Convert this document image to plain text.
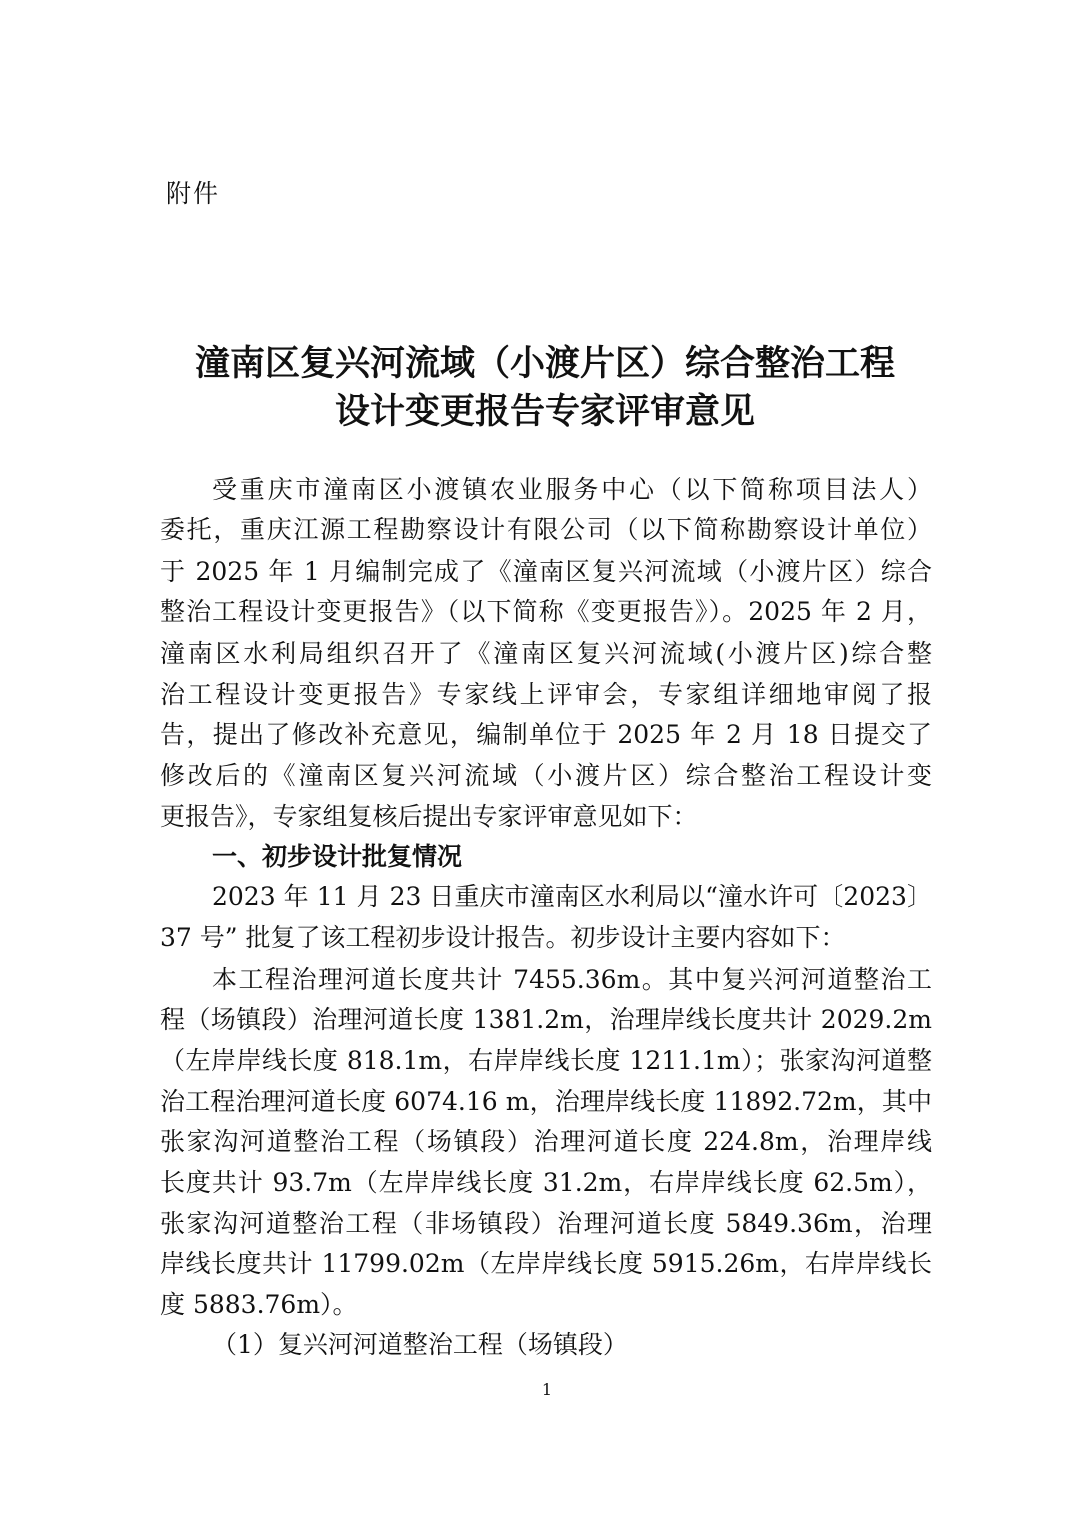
附件
潼南区复兴河流域（小渡片区）综合整治工程
设计变更报告专家评审意见
受重庆市潼南区小渡镇农业服务中心（以下简称项目法人）
委托，重庆江源工程勘察设计有限公司（以下简称勘察设计单位）
于 2025 年 1 月编制完成了《潼南区复兴河流域（小渡片区）综合
整治工程设计变更报告》（以下简称《变更报告》）。2025 年 2 月，
潼南区水利局组织召开了《潼南区复兴河流域(小渡片区)综合整
治工程设计变更报告》专家线上评审会，专家组详细地审阅了报
告，提出了修改补充意见，编制单位于 2025 年 2 月 18 日提交了
修改后的《潼南区复兴河流域（小渡片区）综合整治工程设计变
更报告》，专家组复核后提出专家评审意见如下：
一、初步设计批复情况
2023 年 11 月 23 日重庆市潼南区水利局以“潼水许可〔2023〕
37 号” 批复了该工程初步设计报告。初步设计主要内容如下：
本工程治理河道长度共计 7455.36m。其中复兴河河道整治工
程（场镇段）治理河道长度 1381.2m，治理岸线长度共计 2029.2m
（左岸岸线长度 818.1m，右岸岸线长度 1211.1m）；张家沟河道整
治工程治理河道长度 6074.16 m，治理岸线长度 11892.72m，其中
张家沟河道整治工程（场镇段）治理河道长度 224.8m，治理岸线
长度共计 93.7m（左岸岸线长度 31.2m，右岸岸线长度 62.5m），
张家沟河道整治工程（非场镇段）治理河道长度 5849.36m，治理
岸线长度共计 11799.02m（左岸岸线长度 5915.26m，右岸岸线长
度 5883.76m）。
（1）复兴河河道整治工程（场镇段）
1
